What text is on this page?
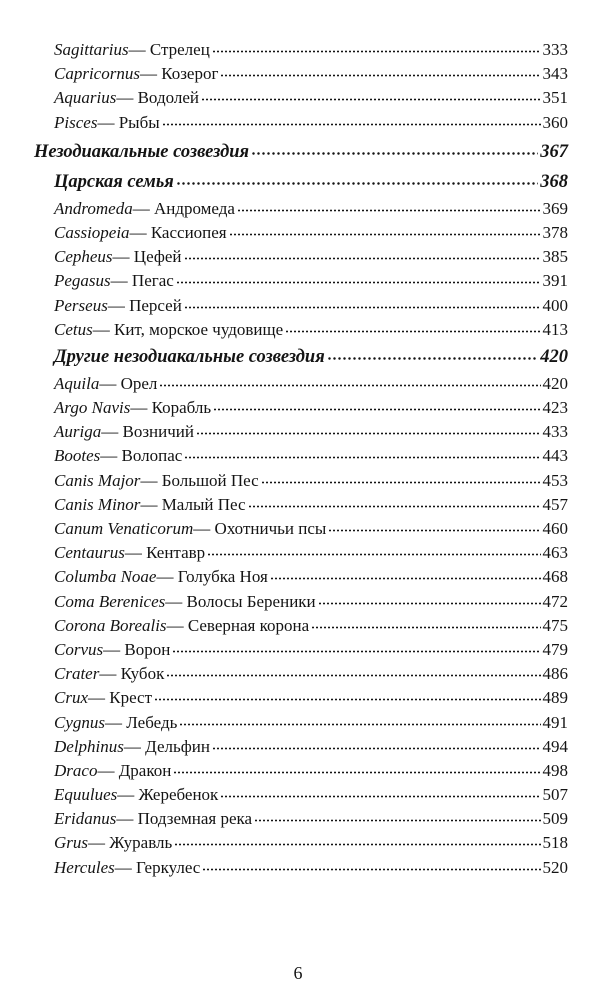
Sagittarius — Стрелец	333
Capricornus — Козерог	343
Aquarius — Водолей	351
Pisces — Рыбы	360
Незодиакальные созвездия	367
Царская семья	368
Andromeda — Андромеда	369
Cassiopeia — Кассиопея	378
Cepheus — Цефей	385
Pegasus — Пегас	391
Perseus — Персей	400
Cetus — Кит, морское чудовище	413
Другие незодиакальные созвездия	420
Aquila — Орел	420
Argo Navis — Корабль	423
Auriga — Возничий	433
Bootes — Волопас	443
Canis Major — Большой Пес	453
Canis Minor — Малый Пес	457
Canum Venaticorum — Охотничьи псы	460
Centaurus — Кентавр	463
Columba Noae — Голубка Ноя	468
Coma Berenices — Волосы Береники	472
Corona Borealis — Северная корона	475
Corvus — Ворон	479
Crater — Кубок	486
Crux — Крест	489
Cygnus — Лебедь	491
Delphinus — Дельфин	494
Draco — Дракон	498
Equulues — Жеребенок	507
Eridanus — Подземная река	509
Grus — Журавль	518
Hercules — Геркулес	520
6
